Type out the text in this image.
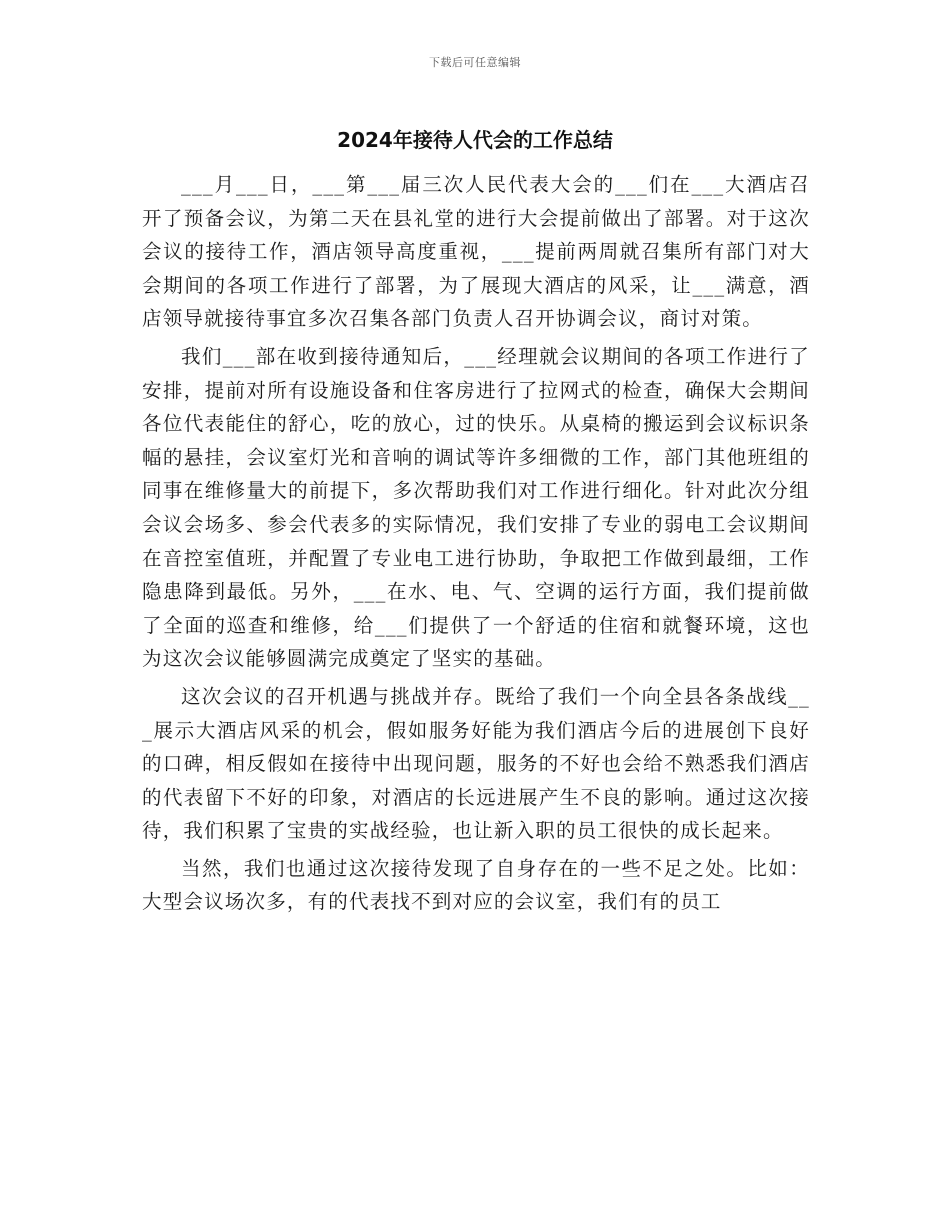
下载后可任意编辑
2024年接待人代会的工作总结

___月___日，___第___届三次人民代表大会的___们在___大酒店召开了预备会议，为第二天在县礼堂的进行大会提前做出了部署。对于这次会议的接待工作，酒店领导高度重视，___提前两周就召集所有部门对大会期间的各项工作进行了部署，为了展现大酒店的风采，让___满意，酒店领导就接待事宜多次召集各部门负责人召开协调会议，商讨对策。

我们___部在收到接待通知后，___经理就会议期间的各项工作进行了安排，提前对所有设施设备和住客房进行了拉网式的检查，确保大会期间各位代表能住的舒心，吃的放心，过的快乐。从桌椅的搬运到会议标识条幅的悬挂，会议室灯光和音响的调试等许多细微的工作，部门其他班组的同事在维修量大的前提下，多次帮助我们对工作进行细化。针对此次分组会议会场多、参会代表多的实际情况，我们安排了专业的弱电工会议期间在音控室值班，并配置了专业电工进行协助，争取把工作做到最细，工作隐患降到最低。另外，___在水、电、气、空调的运行方面，我们提前做了全面的巡查和维修，给___们提供了一个舒适的住宿和就餐环境，这也为这次会议能够圆满完成奠定了坚实的基础。

这次会议的召开机遇与挑战并存。既给了我们一个向全县各条战线___展示大酒店风采的机会，假如服务好能为我们酒店今后的进展创下良好的口碑，相反假如在接待中出现问题，服务的不好也会给不熟悉我们酒店的代表留下不好的印象，对酒店的长远进展产生不良的影响。通过这次接待，我们积累了宝贵的实战经验，也让新入职的员工很快的成长起来。

当然，我们也通过这次接待发现了自身存在的一些不足之处。比如：大型会议场次多，有的代表找不到对应的会议室，我们有的员工
